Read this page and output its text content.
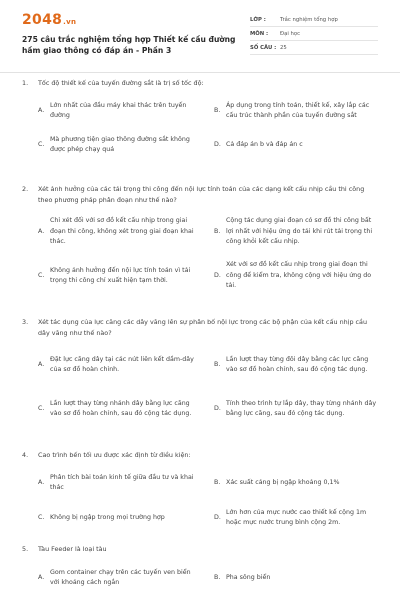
2048.vn
275 câu trắc nghiệm tổng hợp Thiết kế cầu đường hầm giao thông có đáp án - Phần 3
LỚP :	Trắc nghiệm tổng hợp
MÔN :	Đại học
SỐ CÂU : 25
1.	Tốc độ thiết kế của tuyến đường sắt là trị số tốc độ:
A.
Lớn nhất của đầu máy khai thác trên tuyến đường
B.
Áp dụng trong tính toán, thiết kế, xây lắp các cấu trúc thành phần của tuyến đường sắt
C.
Mà phương tiện giao thông đường sắt không được phép chạy quá
D. Cả đáp án b và đáp án c
2.	Xét ảnh hưởng của các tải trọng thi công đến nội lực tính toán của các dạng kết cấu nhịp cầu thi công theo phương pháp phân đoạn như thế nào?
A.
Chỉ xét đối với sơ đồ kết cấu nhịp trong giai đoạn thi công, không xét trong giai đoạn khai thác.
B.
Cộng tác dụng giai đoạn có sơ đồ thi công bất lợi nhất với hiệu ứng do tải khi rút tải trọng thi công khỏi kết cấu nhịp.
C.
Không ảnh hưởng đến nội lực tính toán vì tải trọng thi công chỉ xuất hiện tạm thời.
D.
Xét với sơ đồ kết cấu nhịp trong giai đoạn thi công để kiểm tra, không cộng với hiệu ứng do tải.
3.	Xét tác dụng của lực căng các dây văng lên sự phân bố nội lực trong các bộ phận của kết cấu nhịp cầu dây văng như thế nào?
A.
Đặt lực căng dây tại các nút liên kết dầm-dây của sơ đồ hoàn chỉnh.
B.
Lần lượt thay từng đôi dây bằng các lực căng vào sơ đồ hoàn chỉnh, sau đó cộng tác dụng.
C.
Lần lượt thay từng nhánh dây bằng lực căng vào sơ đồ hoàn chỉnh, sau đó cộng tác dụng.
D.
Tính theo trình tự lắp dây, thay từng nhánh dây bằng lực căng, sau đó cộng tác dụng.
4.	Cao trình bến tối ưu được xác định từ điều kiện:
A.
Phân tích bài toán kinh tế giữa đầu tư và khai thác
B. Xác suất cảng bị ngập khoảng 0,1%
C. Không bị ngập trong mọi trường hợp	D.
Lớn hơn của mực nước cao thiết kế cộng 1m hoặc mực nước trung bình cộng 2m.
5.	Tàu Feeder là loại tàu
A.
Gom container chạy trên các tuyến ven biển với khoảng cách ngắn
B. Pha sông biển
